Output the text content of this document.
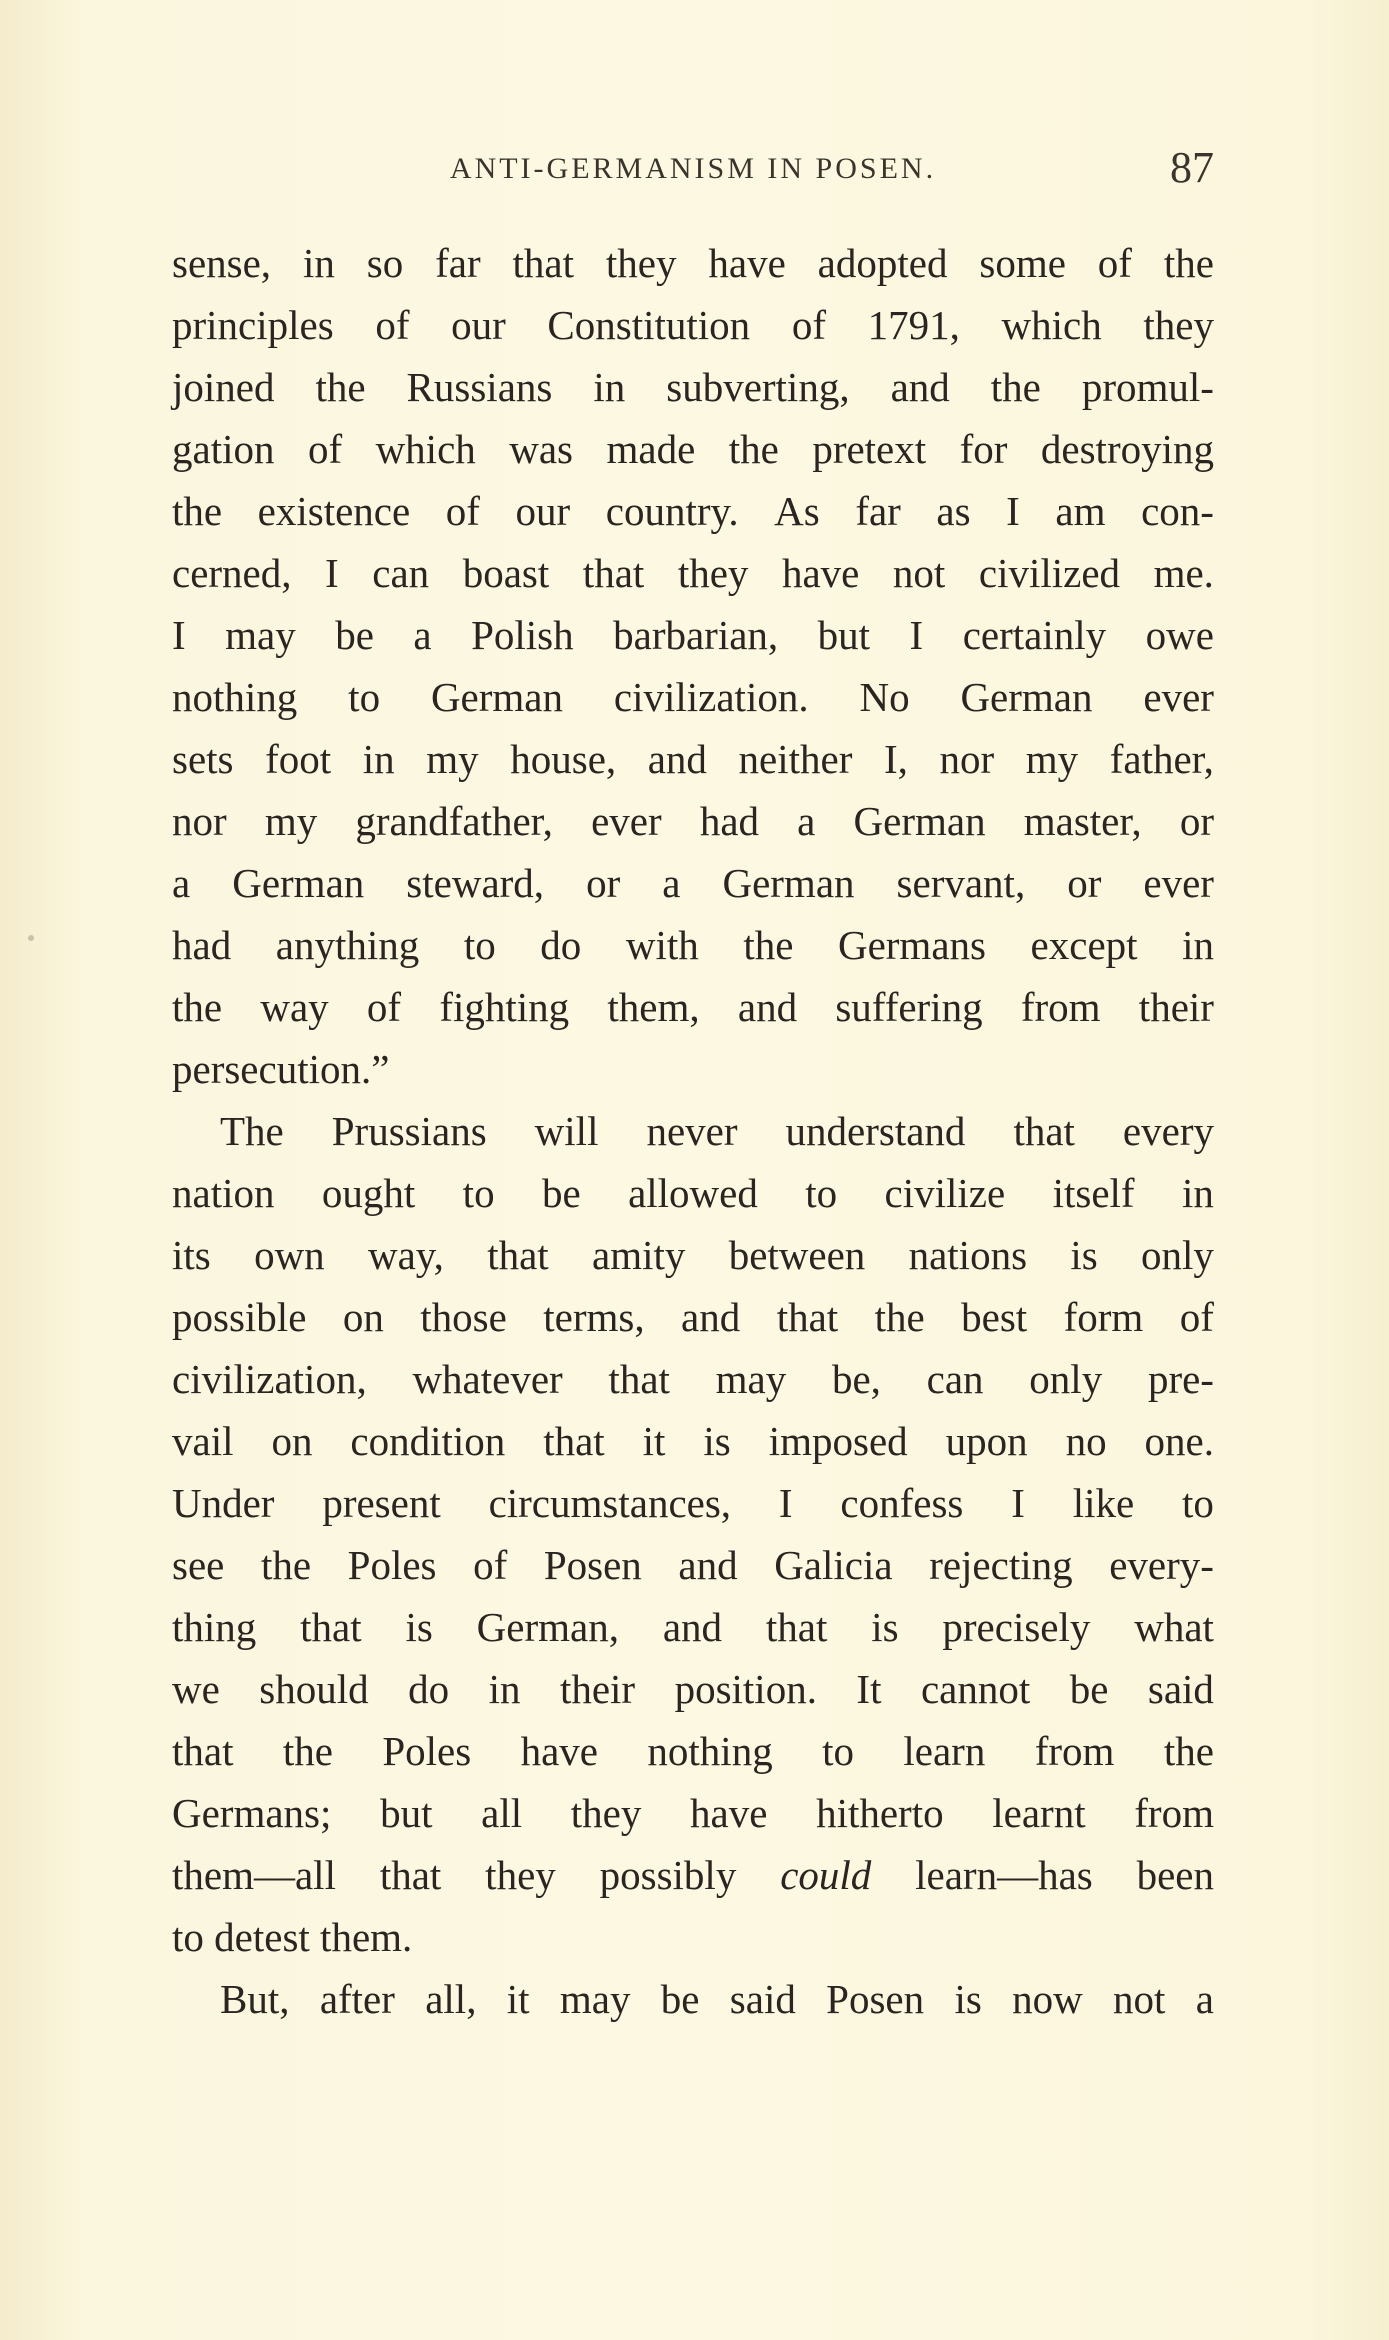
ANTI-GERMANISM IN POSEN.	87
sense, in so far that they have adopted some of the
principles of our Constitution of 1791, which they
joined the Russians in subverting, and the promul-
gation of which was made the pretext for destroying
the existence of our country. As far as I am con-
cerned, I can boast that they have not civilized me.
I may be a Polish barbarian, but I certainly owe
nothing to German civilization. No German ever
sets foot in my house, and neither I, nor my father,
nor my grandfather, ever had a German master, or
a German steward, or a German servant, or ever
had anything to do with the Germans except in
the way of fighting them, and suffering from their
persecution.”
The Prussians will never understand that every
nation ought to be allowed to civilize itself in
its own way, that amity between nations is only
possible on those terms, and that the best form of
civilization, whatever that may be, can only pre-
vail on condition that it is imposed upon no one.
Under present circumstances, I confess I like to
see the Poles of Posen and Galicia rejecting every-
thing that is German, and that is precisely what
we should do in their position. It cannot be said
that the Poles have nothing to learn from the
Germans; but all they have hitherto learnt from
them—all that they possibly could learn—has been
to
detest
them.
But, after all, it may be said Posen is now not a
